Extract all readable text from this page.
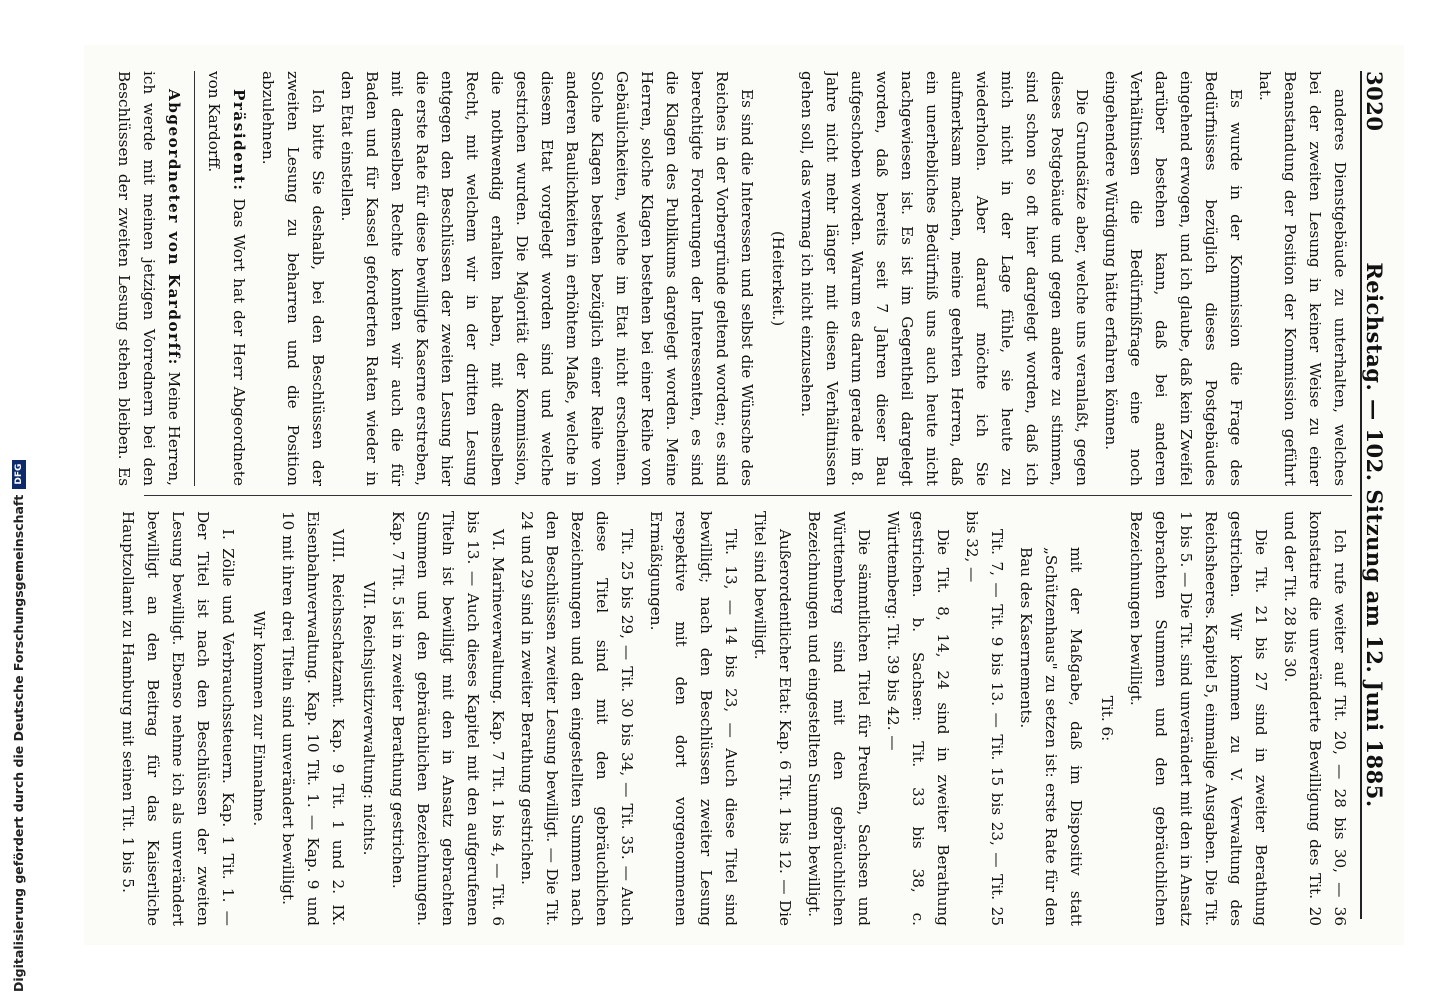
Digitalisierung gefördert durch die Deutsche Forschungsgemeinschaft
DFG
3020
Reichstag. — 102. Sitzung am 12. Juni 1885.

anderes Dienstgebäude zu unterhalten, welches bei der zweiten Lesung in keiner Weise zu einer Beanstandung der Position der Kommission geführt hat.

Es wurde in der Kommission die Frage des Bedürfnisses bezüglich dieses Postgebäudes eingehend erwogen, und ich glaube, daß kein Zweifel darüber bestehen kann, daß bei anderen Verhältnissen die Bedürfnißfrage eine noch eingehendere Würdigung hätte erfahren können.

Die Grundsätze aber, welche uns veranlaßt, gegen dieses Postgebäude und gegen andere zu stimmen, sind schon so oft hier dargelegt worden, daß ich mich nicht in der Lage fühle, sie heute zu wiederholen. Aber darauf möchte ich Sie aufmerksam machen, meine geehrten Herren, daß ein unerhebliches Bedürfniß uns auch heute nicht nachgewiesen ist. Es ist im Gegentheil dargelegt worden, daß bereits seit 7 Jahren dieser Bau aufgeschoben worden. Warum es darum gerade im 8. Jahre nicht mehr länger mit diesen Verhältnissen gehen soll, das vermag ich nicht einzusehen.

(Heiterkeit.)

Es sind die Interessen und selbst die Wünsche des Reiches in der Vorbergründe geltend worden; es sind berechtigte Forderungen der Interessenten, es sind die Klagen des Publikums dargelegt worden. Meine Herren, solche Klagen bestehen bei einer Reihe von Gebäulichkeiten, welche im Etat nicht erscheinen. Solche Klagen bestehen bezüglich einer Reihe von anderen Baulichkeiten in erhöhtem Maße, welche in diesem Etat vorgelegt worden sind und welche gestrichen wurden. Die Majorität der Kommission, die nothwendig erhalten haben, mit demselben Recht, mit welchem wir in der dritten Lesung entgegen den Beschlüssen der zweiten Lesung hier die erste Rate für diese bewilligte Kaserne erstreben, mit demselben Rechte konnten wir auch die für Baden und für Kassel geforderten Raten wieder in den Etat einstellen.

Ich bitte Sie deshalb, bei den Beschlüssen der zweiten Lesung zu beharren und die Position abzulehnen.

Präsident: Das Wort hat der Herr Abgeordnete von Kardorff.

Abgeordneter von Kardorff: Meine Herren, ich werde mit meinen jetzigen Vorrednern bei den Beschlüssen der zweiten Lesung stehen bleiben. Es

Ich rufe weiter auf Tit. 20, — 28 bis 30, — 36 konstatire die unveränderte Bewilligung des Tit. 20 und der Tit. 28 bis 30.

Die Tit. 21 bis 27 sind in zweiter Berathung gestrichen. Wir kommen zu V. Verwaltung des Reichsheeres. Kapitel 5, einmalige Ausgaben. Die Tit. 1 bis 5. — Die Tit. sind unverändert mit den in Ansatz gebrachten Summen und den gebräuchlichen Bezeichnungen bewilligt.

Tit. 6:

mit der Maßgabe, daß im Dispositiv statt „Schützenhaus" zu setzen ist: erste Rate für den Bau des Kasernements.

Tit. 7, — Tit. 9 bis 13. — Tit. 15 bis 23, — Tit. 25 bis 32, —

Die Tit. 8, 14, 24 sind in zweiter Berathung gestrichen. b. Sachsen: Tit. 33 bis 38, c. Württemberg: Tit. 39 bis 42. —

Die sämmtlichen Titel für Preußen, Sachsen und Württemberg sind mit den gebräuchlichen Bezeichnungen und eingestellten Summen bewilligt.

Außerordentlicher Etat: Kap. 6 Tit. 1 bis 12. — Die Titel sind bewilligt.

Tit. 13, — 14 bis 23, — Auch diese Titel sind bewilligt; nach den Beschlüssen zweiter Lesung respektive mit den dort vorgenommenen Ermäßigungen.

Tit. 25 bis 29, — Tit. 30 bis 34, — Tit. 35. — Auch diese Titel sind mit den gebräuchlichen Bezeichnungen und den eingestellten Summen nach den Beschlüssen zweiter Lesung bewilligt. — Die Tit. 24 und 29 sind in zweiter Berathung gestrichen.

VI. Marineverwaltung. Kap. 7 Tit. 1 bis 4, — Tit. 6 bis 13. — Auch dieses Kapitel mit den aufgerufenen Titeln ist bewilligt mit den in Ansatz gebrachten Summen und den gebräuchlichen Bezeichnungen. Kap. 7 Tit. 5 ist in zweiter Berathung gestrichen.

VII. Reichsjustizverwaltung: nichts.

VIII. Reichsschatzamt. Kap. 9 Tit. 1 und 2. IX. Eisenbahnverwaltung. Kap. 10 Tit. 1. — Kap. 9 und 10 mit ihren drei Titeln sind unverändert bewilligt.

Wir kommen zur Einnahme.

I. Zölle und Verbrauchssteuern. Kap. 1 Tit. 1. — Der Titel ist nach den Beschlüssen der zweiten Lesung bewilligt. Ebenso nehme ich als unverändert bewilligt an den Beitrag für das Kaiserliche Hauptzollamt zu Hamburg mit seinen Tit. 1 bis 5.
